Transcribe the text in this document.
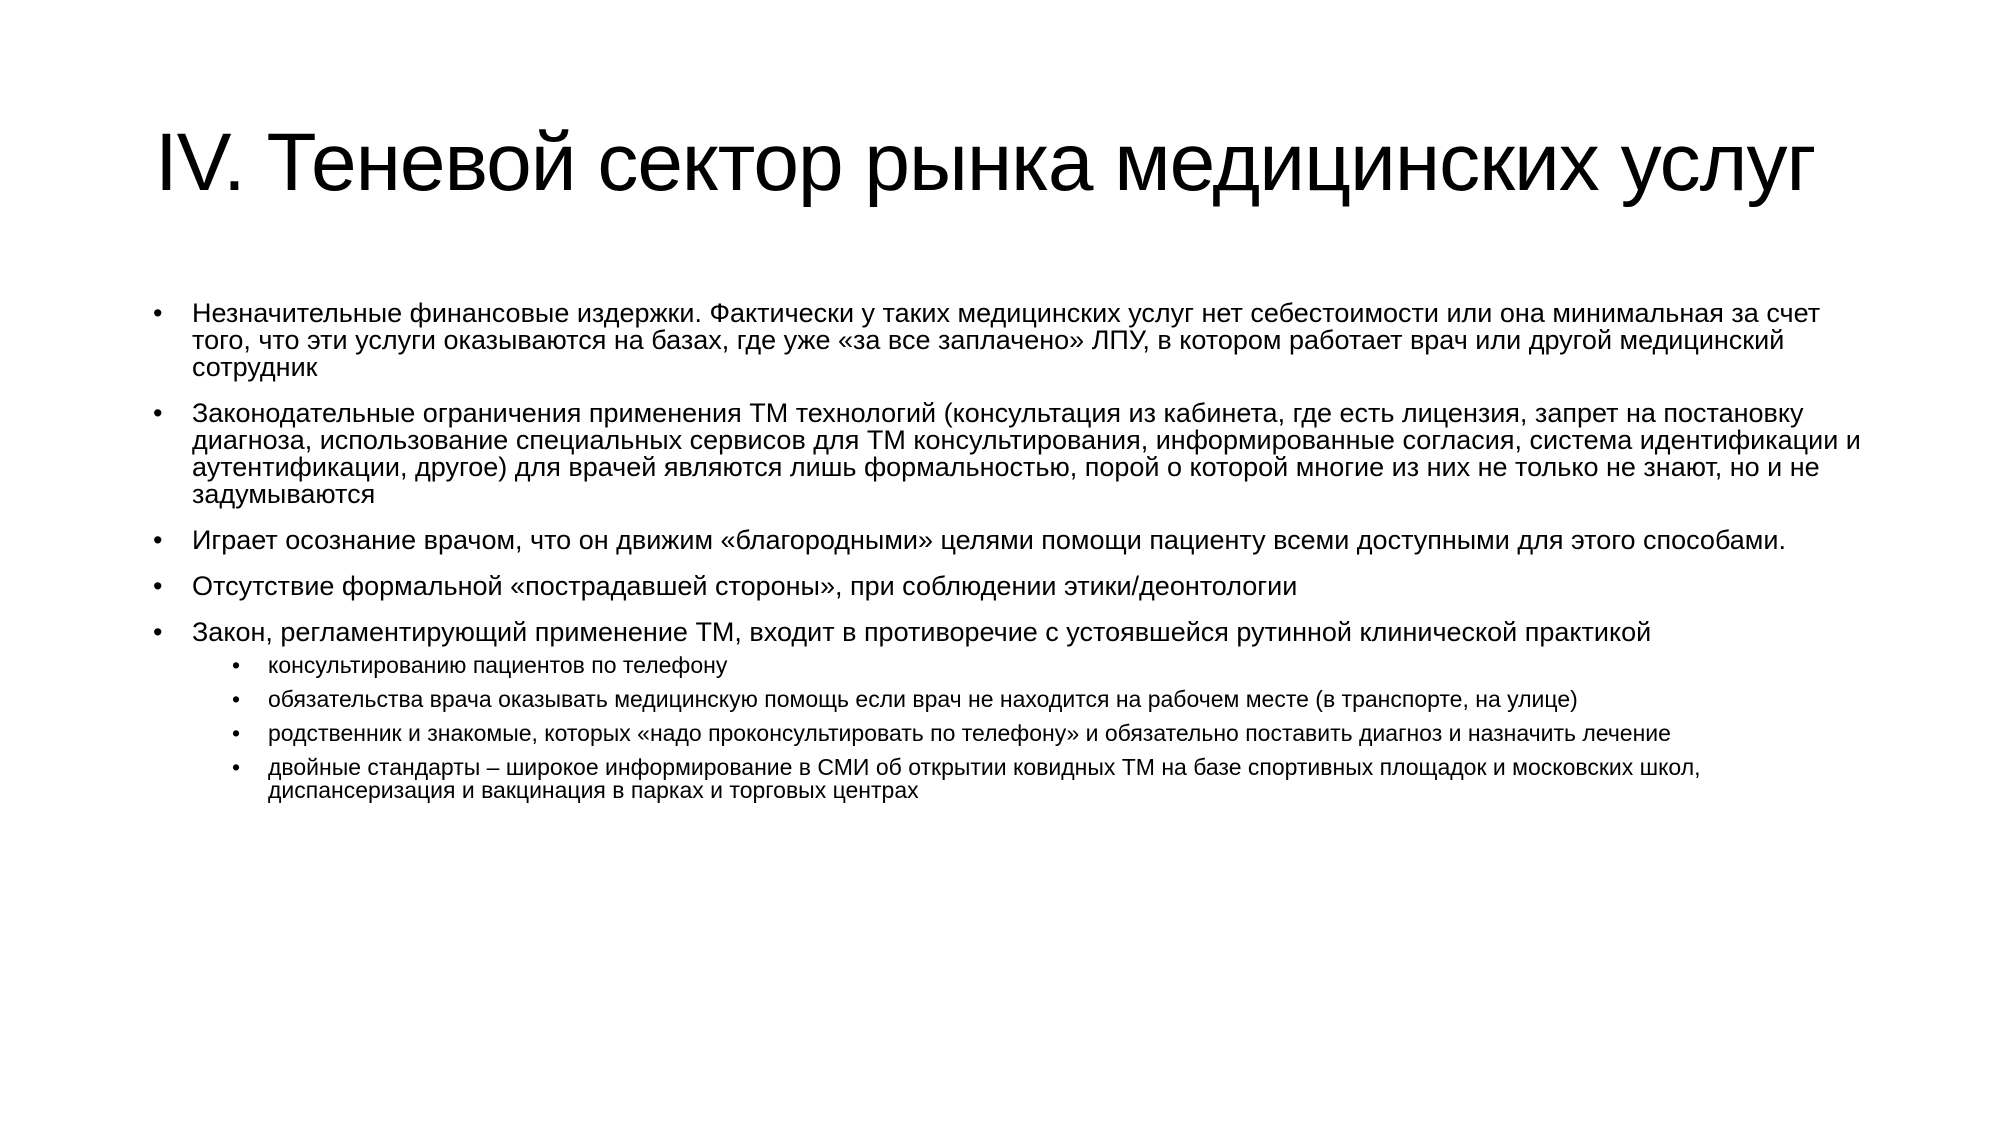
IV. Теневой сектор рынка медицинских услуг
• Незначительные финансовые издержки. Фактически у таких медицинских услуг нет себестоимости или она минимальная за счет того, что эти услуги оказываются на базах, где уже «за все заплачено» ЛПУ, в котором работает врач или другой медицинский сотрудник
• Законодательные ограничения применения ТМ технологий (консультация из кабинета, где есть лицензия, запрет на постановку диагноза, использование специальных сервисов для ТМ консультирования, информированные согласия, система идентификации и аутентификации, другое) для врачей являются лишь формальностью, порой о которой многие из них не только не знают, но и не задумываются
• Играет осознание врачом, что он движим «благородными» целями помощи пациенту всеми доступными для этого способами.
• Отсутствие формальной «пострадавшей стороны», при соблюдении этики/деонтологии
• Закон, регламентирующий применение ТМ, входит в противоречие с устоявшейся рутинной клинической практикой
• консультированию пациентов по телефону
• обязательства врача оказывать медицинскую помощь если врач не находится на рабочем месте (в транспорте, на улице)
• родственник и знакомые, которых «надо проконсультировать по телефону» и обязательно поставить диагноз и назначить лечение
• двойные стандарты – широкое информирование в СМИ об открытии ковидных ТМ на базе спортивных площадок и московских школ, диспансеризация и вакцинация в парках и торговых центрах
